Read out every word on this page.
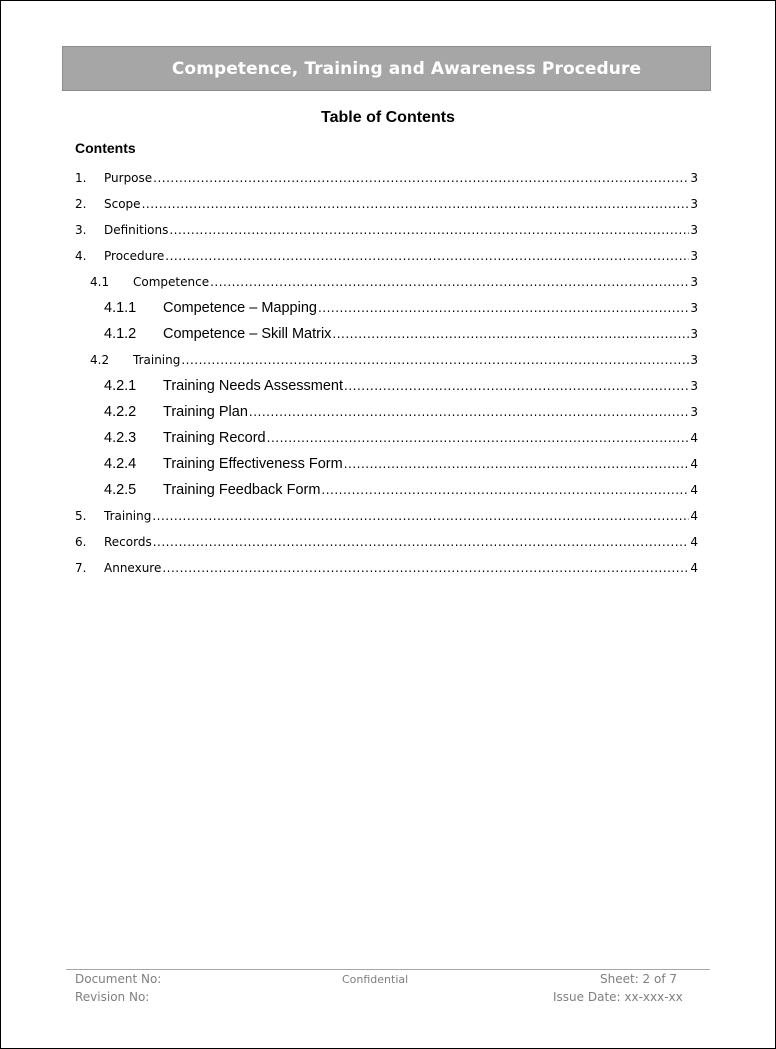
Competence, Training and Awareness Procedure
Table of Contents
Contents
1.	Purpose .....	3
2.	Scope .....	3
3.	Definitions .....	3
4.	Procedure .....	3
4.1	Competence .....	3
4.1.1	Competence – Mapping .....	3
4.1.2	Competence – Skill Matrix .....	3
4.2	Training .....	3
4.2.1	Training Needs Assessment .....	3
4.2.2	Training Plan .....	3
4.2.3	Training Record .....	4
4.2.4	Training Effectiveness Form .....	4
4.2.5	Training Feedback Form .....	4
5.	Training .....	4
6.	Records .....	4
7.	Annexure .....	4
Document No:
Revision No:
Confidential	Sheet: 2 of 7
Issue Date: xx-xxx-xx
